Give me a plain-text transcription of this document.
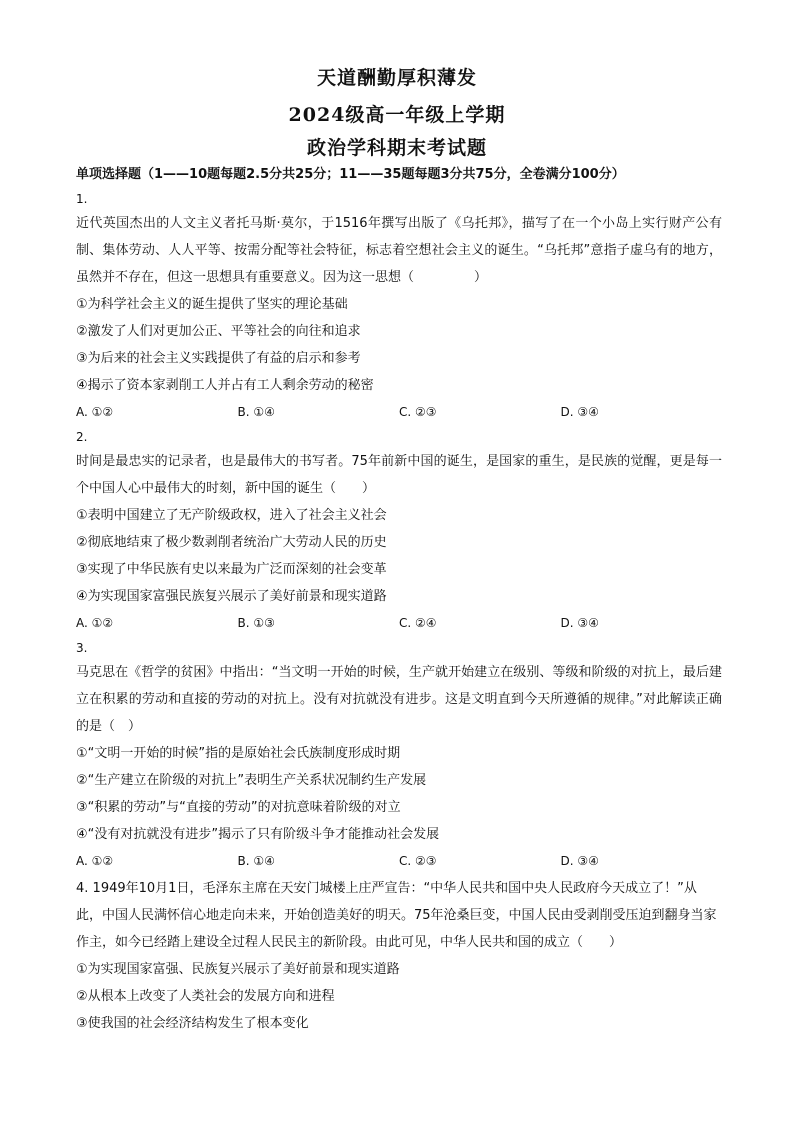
天道酬勤厚积薄发
2024级高一年级上学期
政治学科期末考试题
单项选择题（1——10题每题2.5分共25分；11——35题每题3分共75分，全卷满分100分）
1.
近代英国杰出的人文主义者托马斯·莫尔，于1516年撰写出版了《乌托邦》，描写了在一个小岛上实行财产公有制、集体劳动、人人平等、按需分配等社会特征，标志着空想社会主义的诞生。“乌托邦”意指子虚乌有的地方，虽然并不存在，但这一思想具有重要意义。因为这一思想（	）
①为科学社会主义的诞生提供了坚实的理论基础
②激发了人们对更加公正、平等社会的向往和追求
③为后来的社会主义实践提供了有益的启示和参考
④揭示了资本家剥削工人并占有工人剩余劳动的秘密
A. ①②	B. ①④	C. ②③	D. ③④
2.
时间是最忠实的记录者，也是最伟大的书写者。75年前新中国的诞生，是国家的重生，是民族的觉醒，更是每一个中国人心中最伟大的时刻，新中国的诞生（　　）
①表明中国建立了无产阶级政权，进入了社会主义社会
②彻底地结束了极少数剥削者统治广大劳动人民的历史
③实现了中华民族有史以来最为广泛而深刻的社会变革
④为实现国家富强民族复兴展示了美好前景和现实道路
A. ①②	B. ①③	C. ②④	D. ③④
3.
马克思在《哲学的贫困》中指出：“当文明一开始的时候，生产就开始建立在级别、等级和阶级的对抗上，最后建立在积累的劳动和直接的劳动的对抗上。没有对抗就没有进步。这是文明直到今天所遵循的规律。”对此解读正确的是（　）
①“文明一开始的时候”指的是原始社会氏族制度形成时期
②“生产建立在阶级的对抗上”表明生产关系状况制约生产发展
③“积累的劳动”与“直接的劳动”的对抗意味着阶级的对立
④“没有对抗就没有进步”揭示了只有阶级斗争才能推动社会发展
A. ①②	B. ①④	C. ②③	D. ③④
4. 1949年10月1日，毛泽东主席在天安门城楼上庄严宣告：“中华人民共和国中央人民政府今天成立了！”从此，中国人民满怀信心地走向未来，开始创造美好的明天。75年沧桑巨变，中国人民由受剥削受压迫到翻身当家作主，如今已经踏上建设全过程人民民主的新阶段。由此可见，中华人民共和国的成立（　　）
①为实现国家富强、民族复兴展示了美好前景和现实道路
②从根本上改变了人类社会的发展方向和进程
③使我国的社会经济结构发生了根本变化
